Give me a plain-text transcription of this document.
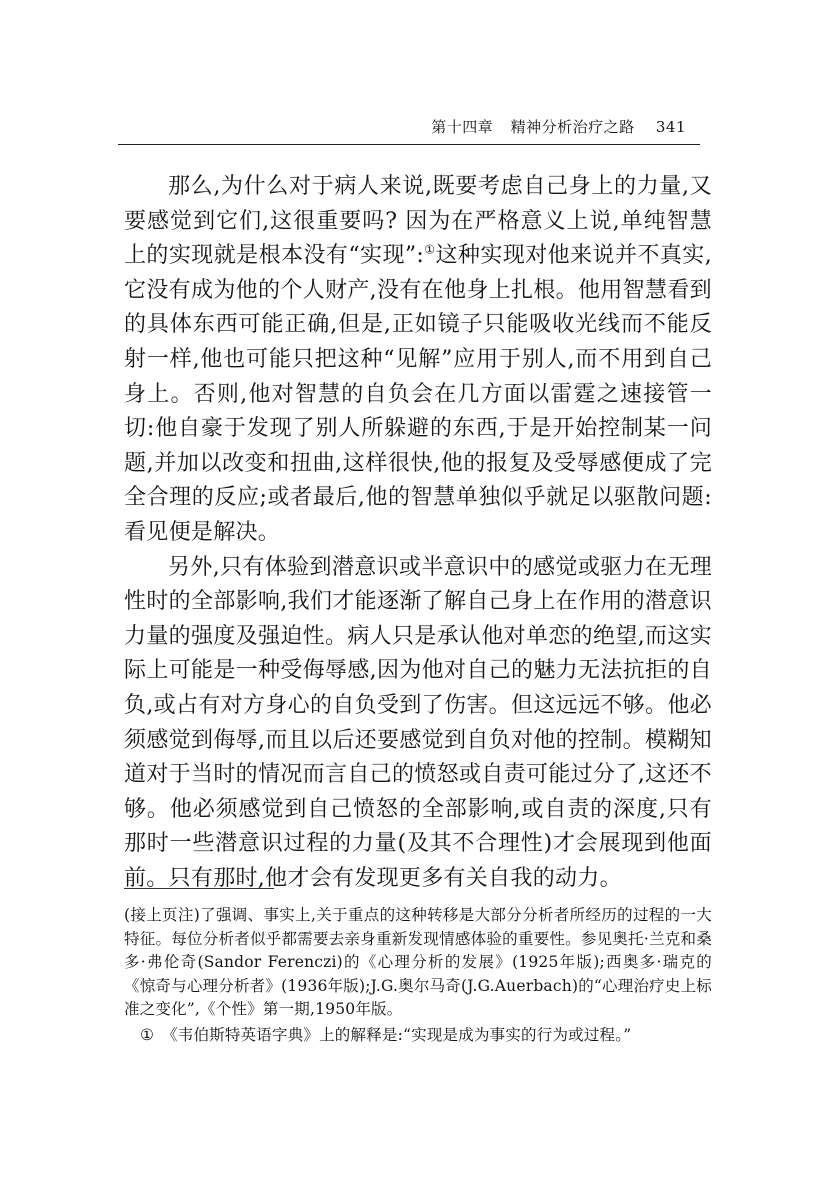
第十四章 精神分析治疗之路 341

那么,为什么对于病人来说,既要考虑自己身上的力量,又要感觉到它们,这很重要吗? 因为在严格意义上说,单纯智慧上的实现就是根本没有“实现”:①这种实现对他来说并不真实,它没有成为他的个人财产,没有在他身上扎根。他用智慧看到的具体东西可能正确,但是,正如镜子只能吸收光线而不能反射一样,他也可能只把这种“见解”应用于别人,而不用到自己身上。否则,他对智慧的自负会在几方面以雷霆之速接管一切:他自豪于发现了别人所躲避的东西,于是开始控制某一问题,并加以改变和扭曲,这样很快,他的报复及受辱感便成了完全合理的反应;或者最后,他的智慧单独似乎就足以驱散问题:看见便是解决。

另外,只有体验到潜意识或半意识中的感觉或驱力在无理性时的全部影响,我们才能逐渐了解自己身上在作用的潜意识力量的强度及强迫性。病人只是承认他对单恋的绝望,而这实际上可能是一种受侮辱感,因为他对自己的魅力无法抗拒的自负,或占有对方身心的自负受到了伤害。但这远远不够。他必须感觉到侮辱,而且以后还要感觉到自负对他的控制。模糊知道对于当时的情况而言自己的愤怒或自责可能过分了,这还不够。他必须感觉到自己愤怒的全部影响,或自责的深度,只有那时一些潜意识过程的力量(及其不合理性)才会展现到他面前。只有那时,他才会有发现更多有关自我的动力。

(接上页注)了强调、事实上,关于重点的这种转移是大部分分析者所经历的过程的一大特征。每位分析者似乎都需要去亲身重新发现情感体验的重要性。参见奥托·兰克和桑多·弗伦奇(Sandor Ferenczi)的《心理分析的发展》(1925年版);西奥多·瑞克的《惊奇与心理分析者》(1936年版);J.G.奥尔马奇(J.G.Auerbach)的“心理治疗史上标准之变化”,《个性》第一期,1950年版。

① 《韦伯斯特英语字典》上的解释是:“实现是成为事实的行为或过程。”
